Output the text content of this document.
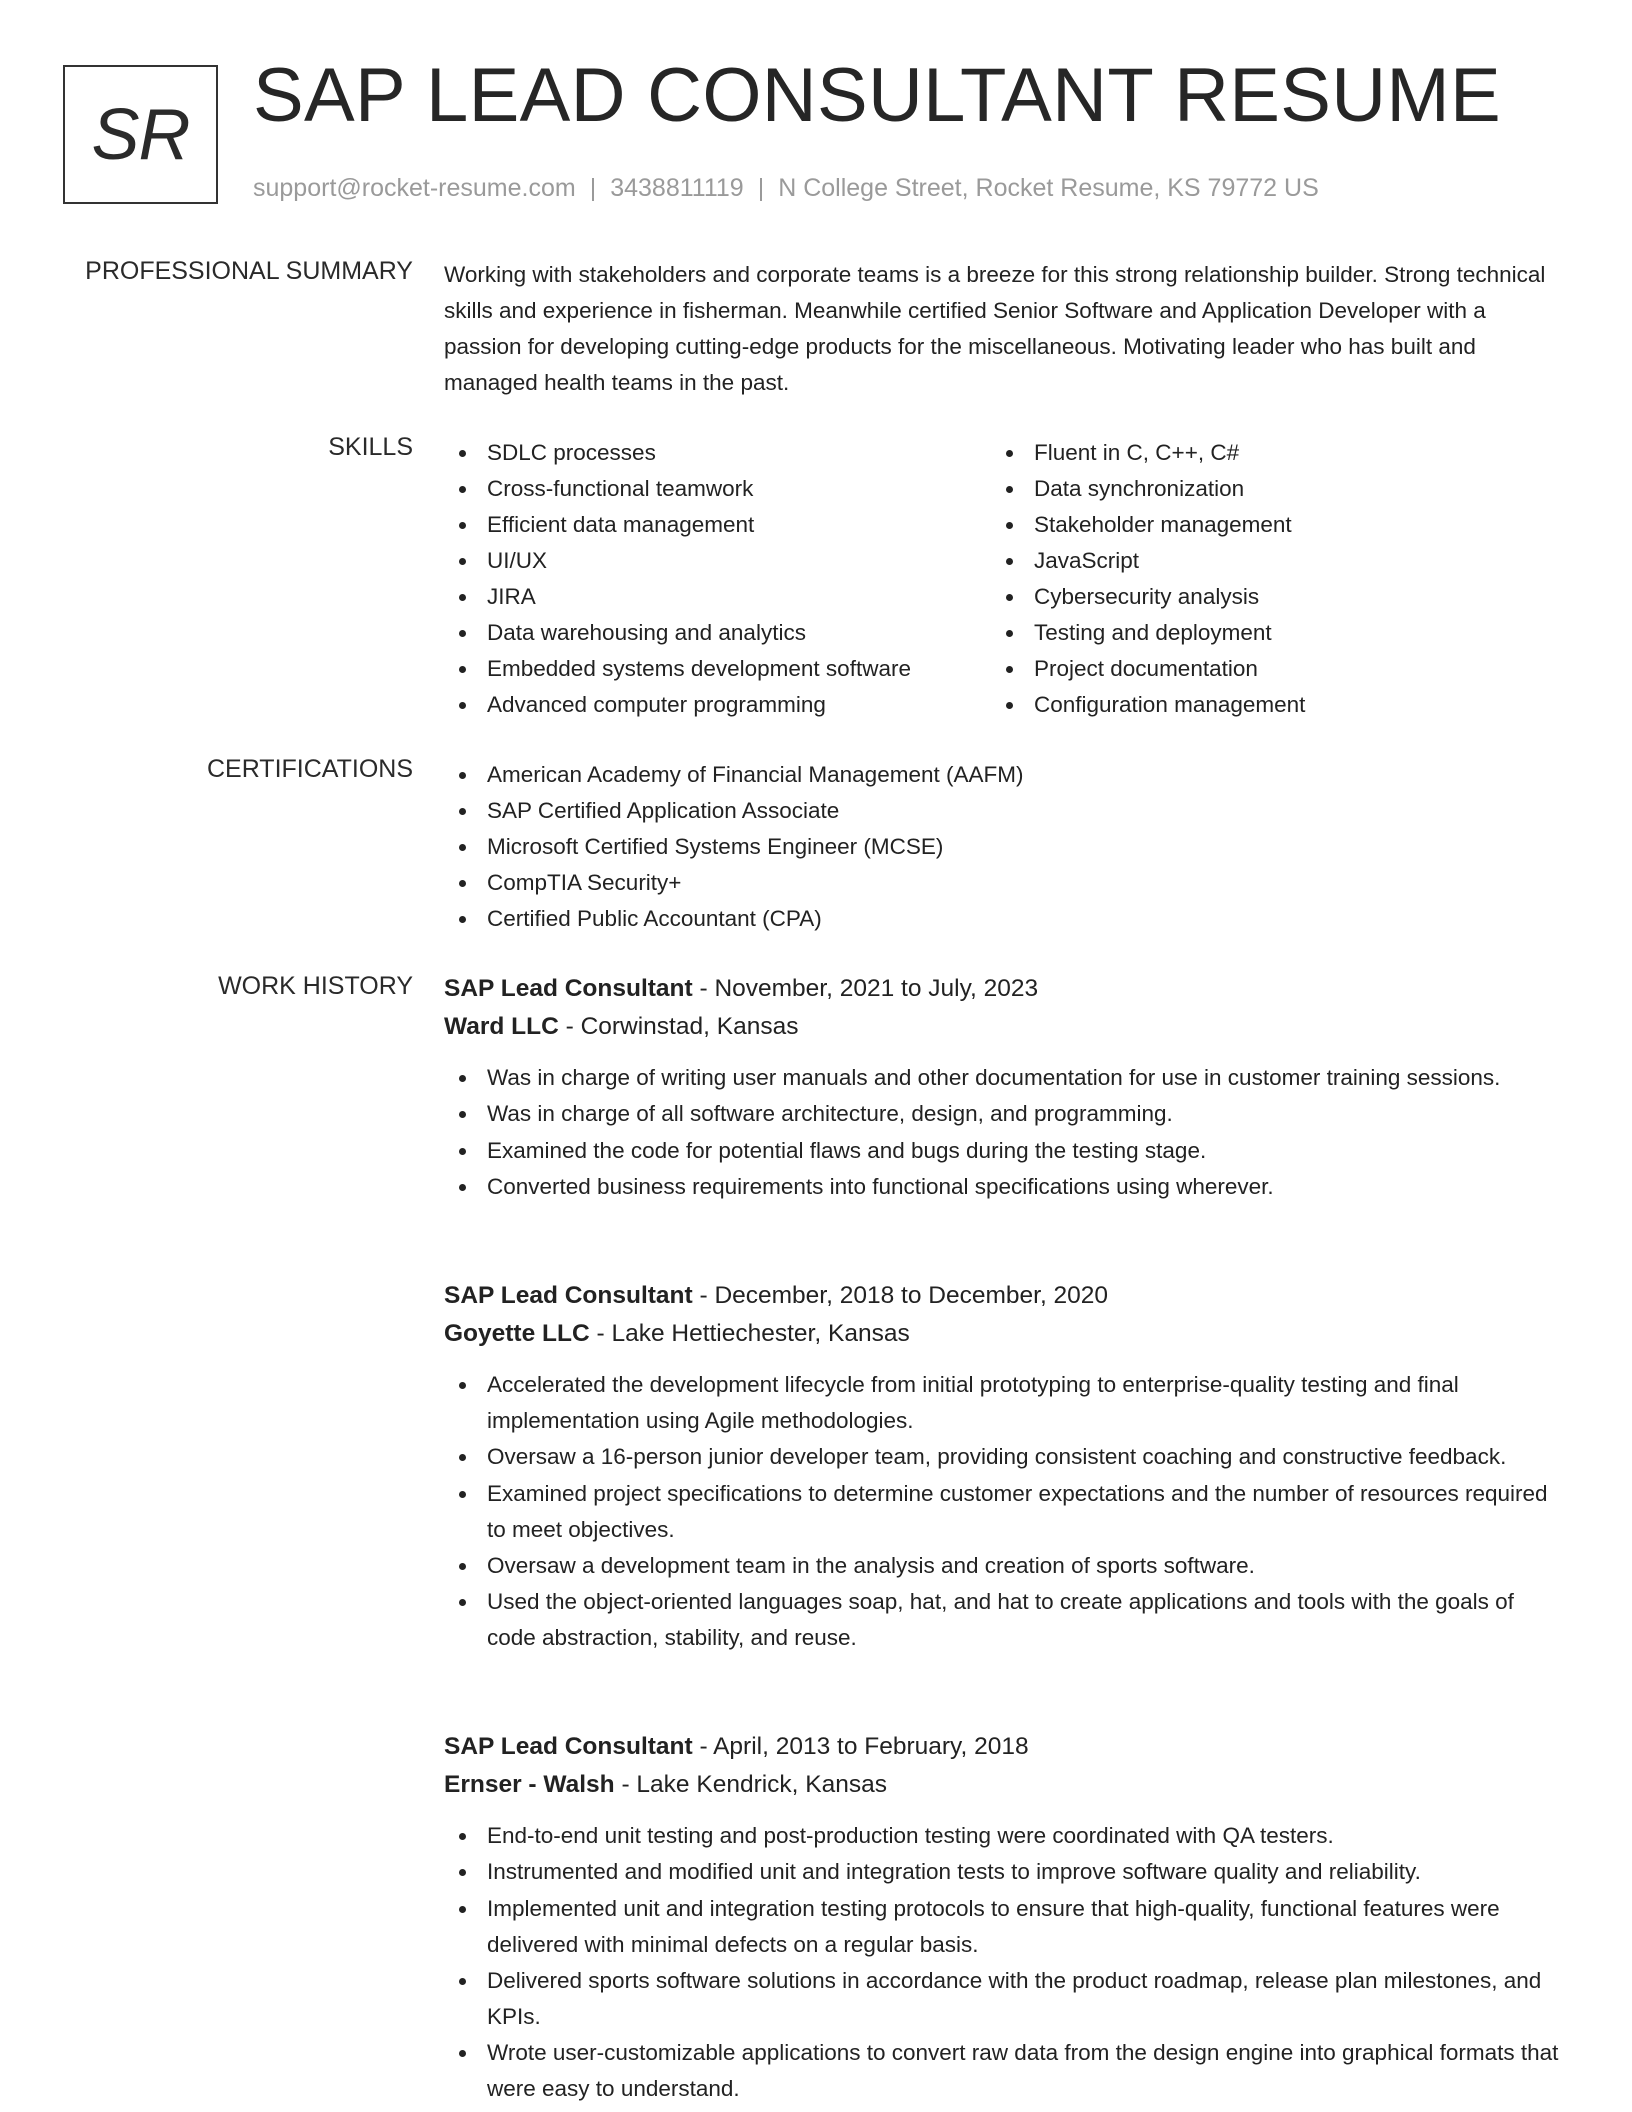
SR SAP LEAD CONSULTANT RESUME
support@rocket-resume.com | 3438811119 | N College Street, Rocket Resume, KS 79772 US
PROFESSIONAL SUMMARY Working with stakeholders and corporate teams is a breeze for this strong relationship builder. Strong technical skills and experience in fisherman. Meanwhile certified Senior Software and Application Developer with a passion for developing cutting-edge products for the miscellaneous. Motivating leader who has built and managed health teams in the past.

SKILLS	SDLC processes
Cross-functional teamwork
Efficient data management
UI/UX
JIRA
Data warehousing and analytics
Embedded systems development software
Advanced computer programming
Fluent in C, C++, C#
Data synchronization
Stakeholder management
JavaScript
Cybersecurity analysis
Testing and deployment
Project documentation
Configuration management
CERTIFICATIONS	American Academy of Financial Management (AAFM)
SAP Certified Application Associate
Microsoft Certified Systems Engineer (MCSE)
CompTIA Security+
Certified Public Accountant (CPA)
WORK HISTORY SAP Lead Consultant - November, 2021 to July, 2023
Ward LLC - Corwinstad, Kansas
Was in charge of writing user manuals and other documentation for use in customer training sessions.
Was in charge of all software architecture, design, and programming.
Examined the code for potential flaws and bugs during the testing stage.
Converted business requirements into functional specifications using wherever.
SAP Lead Consultant - December, 2018 to December, 2020
Goyette LLC - Lake Hettiechester, Kansas
Accelerated the development lifecycle from initial prototyping to enterprise-quality testing and final implementation using Agile methodologies.
Oversaw a 16-person junior developer team, providing consistent coaching and constructive feedback.
Examined project specifications to determine customer expectations and the number of resources required to meet objectives.
Oversaw a development team in the analysis and creation of sports software.
Used the object-oriented languages soap, hat, and hat to create applications and tools with the goals of code abstraction, stability, and reuse.
SAP Lead Consultant - April, 2013 to February, 2018
Ernser - Walsh - Lake Kendrick, Kansas
End-to-end unit testing and post-production testing were coordinated with QA testers.
Instrumented and modified unit and integration tests to improve software quality and reliability.
Implemented unit and integration testing protocols to ensure that high-quality, functional features were delivered with minimal defects on a regular basis.
Delivered sports software solutions in accordance with the product roadmap, release plan milestones, and KPIs.
Wrote user-customizable applications to convert raw data from the design engine into graphical formats that were easy to understand.
